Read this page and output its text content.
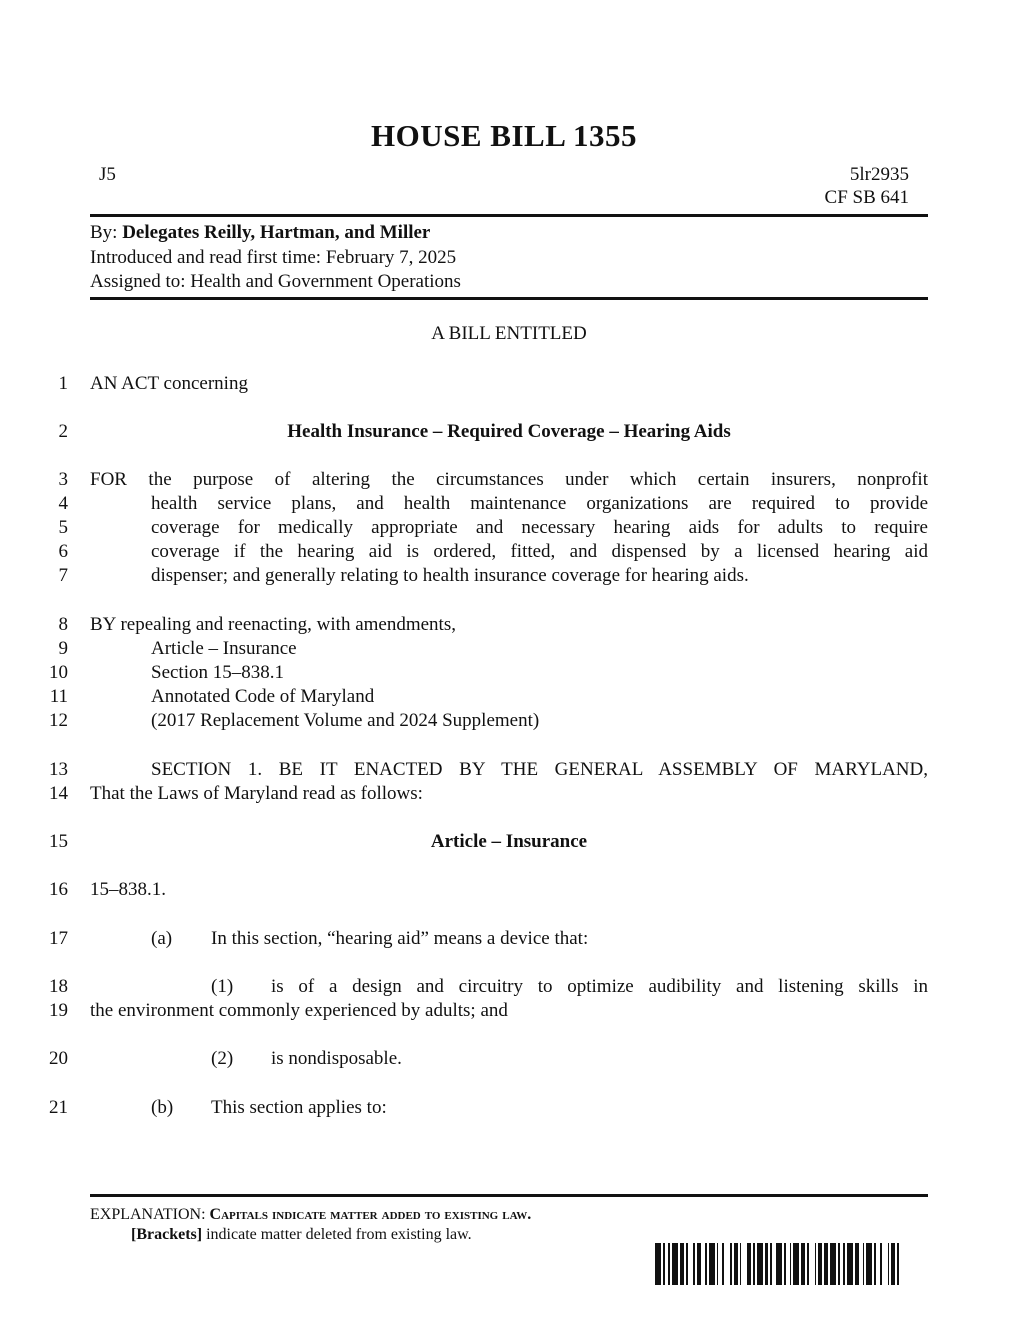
HOUSE BILL 1355
J5	5lr2935
CF SB 641
By: Delegates Reilly, Hartman, and Miller
Introduced and read first time: February 7, 2025
Assigned to: Health and Government Operations
A BILL ENTITLED
1
2
3
4
5
6
7
8
9
10
11
12
13
14
15
16
17
18
19
20
21
AN ACT concerning
Health Insurance – Required Coverage – Hearing Aids
FOR the purpose of altering the circumstances under which certain insurers, nonprofit
health service plans, and health maintenance organizations are required to provide
coverage for medically appropriate and necessary hearing aids for adults to require
coverage if the hearing aid is ordered, fitted, and dispensed by a licensed hearing aid
dispenser; and generally relating to health insurance coverage for hearing aids.
BY repealing and reenacting, with amendments,
Article – Insurance
Section 15–838.1
Annotated Code of Maryland
(2017 Replacement Volume and 2024 Supplement)
SECTION 1. BE IT ENACTED BY THE GENERAL ASSEMBLY OF MARYLAND,
That the Laws of Maryland read as follows:
Article – Insurance
15–838.1.
(a) In this section, “hearing aid” means a device that:
(1) is of a design and circuitry to optimize audibility and listening skills in
the environment commonly experienced by adults; and
(2) is nondisposable.
(b) This section applies to:
EXPLANATION: Capitals indicate matter added to existing law.
[Brackets] indicate matter deleted from existing law.
